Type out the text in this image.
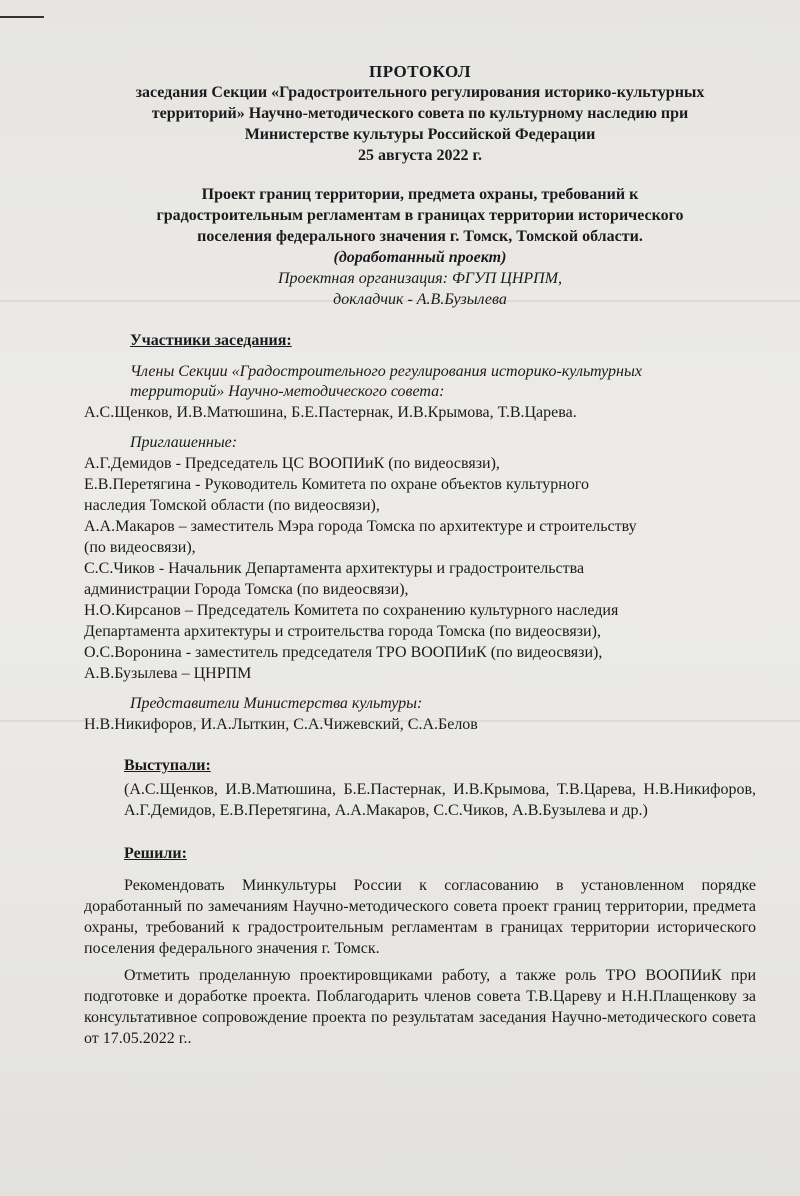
ПРОТОКОЛ

заседания Секции «Градостроительного регулирования историко-культурных

территорий» Научно-методического совета по культурному наследию при

Министерстве культуры Российской Федерации

25 августа 2022 г.

Проект границ территории, предмета охраны, требований к
градостроительным регламентам в границах территории исторического
поселения федерального значения г. Томск, Томской области.
(доработанный проект)
Проектная организация: ФГУП ЦНРПМ,
докладчик - А.В.Бузылева
Участники заседания:
Члены Секции «Градостроительного регулирования историко-культурных
территорий» Научно-методического совета:

А.С.Щенков, И.В.Матюшина, Б.Е.Пастернак, И.В.Крымова, Т.В.Царева.

Приглашенные:

А.Г.Демидов - Председатель ЦС ВООПИиК (по видеосвязи),

Е.В.Перетягина - Руководитель Комитета по охране объектов культурного

наследия Томской области (по видеосвязи),

А.А.Макаров – заместитель Мэра города Томска по архитектуре и строительству

(по видеосвязи),

С.С.Чиков - Начальник Департамента архитектуры и градостроительства

администрации Города Томска (по видеосвязи),

Н.О.Кирсанов – Председатель Комитета по сохранению культурного наследия

Департамента архитектуры и строительства города Томска (по видеосвязи),

О.С.Воронина - заместитель председателя ТРО ВООПИиК (по видеосвязи),

А.В.Бузылева – ЦНРПМ

Представители Министерства культуры:

Н.В.Никифоров, И.А.Лыткин, С.А.Чижевский, С.А.Белов

Выступали:
(А.С.Щенков, И.В.Матюшина, Б.Е.Пастернак, И.В.Крымова, Т.В.Царева, Н.В.Никифоров, А.Г.Демидов, Е.В.Перетягина, А.А.Макаров, С.С.Чиков, А.В.Бузылева и др.)
Решили:
Рекомендовать Минкультуры России к согласованию в установленном порядке доработанный по замечаниям Научно-методического совета проект границ территории, предмета охраны, требований к градостроительным регламентам в границах территории исторического поселения федерального значения г. Томск.
Отметить проделанную проектировщиками работу, а также роль ТРО ВООПИиК при подготовке и доработке проекта. Поблагодарить членов совета Т.В.Цареву и Н.Н.Плащенкову за консультативное сопровождение проекта по результатам заседания Научно-методического совета от 17.05.2022 г..
